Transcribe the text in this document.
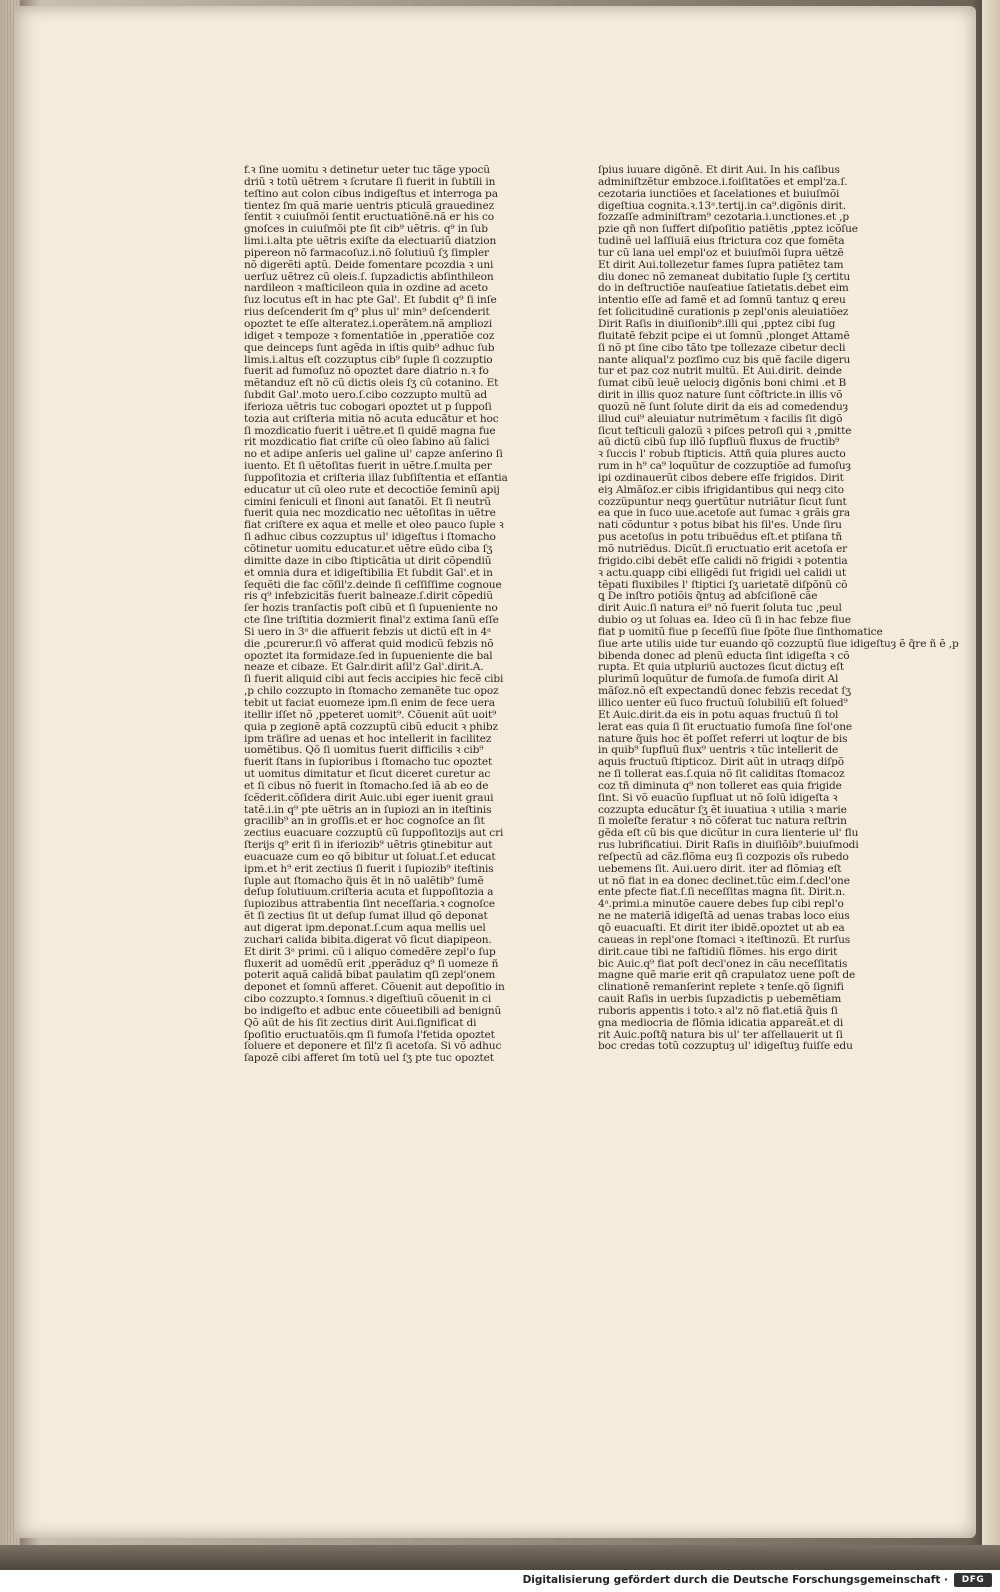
f.ꝛ ſine uomitu ꝛ detinetur ueter tuc tãge ypocũ
driũ ꝛ totũ uẽtrem ꝛ ſcrutare ſi fuerit in ſubtili in
teſtino aut colon cibus indigeſtus et interroga pa
tientez ſm quã marie uentris pticulã grauedinez
ſentit ꝛ cuiuſmõi ſentit eructuatiõnẽ.nã er his co
gnoſces in cuiuſmõi pte ſit cib⁹ uẽtris. q⁹ in ſub
limi.i.alta pte uẽtris exiſte da electuariũ diatzion
pipereon nõ farmacoſuz.i.nõ ſolutiuũ ſʒ ſimpler
nõ digerẽti aptũ. Deide fomentare pcozdia ꝛ uni
uerſuz uẽtrez cũ oleis.ſ. ſupzadictis abſinthileon
nardileon ꝛ maſticileon quia in ozdine ad aceto
ſuz locutus eſt in hac pte Gal'. Et ſubdit q⁹ ſi inſe
rius deſcenderit ſm q⁹ plus ul' min⁹ deſcenderit
opoztet te eſſe alteratez.i.operãtem.nã ampliozi
idiget ꝛ tempoze ꝛ fomentatiõe in ,pperatiõe coz
que deinceps ſunt agẽda in iſtis quib⁹ adhuc ſub
limis.i.altus eſt cozzuptus cib⁹ ſuple ſi cozzuptio
fuerit ad fumoſuz nõ opoztet dare diatrio n.ꝛ fo
mẽtanduz eſt nõ cũ dictis oleis ſʒ cũ cotanino. Et
ſubdit Gal'.moto uero.ſ.cibo cozzupto multũ ad
iferioza uẽtris tuc cobogari opoztet ut p ſuppoſi
tozia aut criſteria mitia nõ acuta educãtur et hoc
ſi mozdicatio fuerit i uẽtre.et ſi quidẽ magna fue
rit mozdicatio fiat criſte cũ oleo ſabino aũ ſalici
no et adipe anſeris uel galine ul' capze anſerino ſi
iuento. Et ſi uẽtoſitas fuerit in uẽtre.ſ.multa per
ſuppoſitozia et criſteria illaz ſubſiſtentia et eſſantia
educatur ut cũ oleo rute et decoctiõe ſeminũ apij
cimini feniculi et ſinoni aut ſanatõi. Et ſi neutrũ
fuerit quia nec mozdicatio nec uẽtoſitas in uẽtre
fiat criſtere ex aqua et melle et oleo pauco ſuple ꝛ
ſi adhuc cibus cozzuptus ul' idigeſtus i ſtomacho
cõtinetur uomitu educatur.et uẽtre eũdo ciba ſʒ
dimitte daze in cibo ſtipticãtia ut dirit cõpendiũ
et omnia dura et idigeſtibilia Et ſubdit Gal'.et in
ſequẽti die fac cõſil'z.deinde ſi ceſſiſſime cognoue
ris q⁹ infebzicitãs fuerit balneaze.ſ.dirit cõpediũ
ſer hozis tranſactis poſt cibũ et ſi ſupueniente no
cte ſine triſtitia dozmierit final'z extima ſanũ eſſe
Si uero in 3ᵃ die affuerit febzis ut dictũ eſt in 4ᵃ
die ,pcurerur.ſi võ afferat quid modicũ febzis nõ
opoztet ita formidaze.ſed in ſupueniente die bal
neaze et cibaze. Et Galr.dirit aſil'z Gal'.dirit.A.
ſi fuerit aliquid cibi aut fecis accipies hic fecẽ cibi
,p chilo cozzupto in ſtomacho zemanẽte tuc opoz
tebit ut faciat euomeze ipm.ſi enim de fece uera
itellir iſſet nõ ,ppeteret uomit⁹. Cõuenit aũt uoit⁹
quia p zegionẽ aptã cozzuptũ cibũ educit ꝛ phibz
ipm träſire ad uenas et hoc intellerit in facilitez
uomẽtibus. Qõ ſi uomitus fuerit difficilis ꝛ cib⁹
fuerit ſtans in ſupioribus i ſtomacho tuc opoztet
ut uomitus dimitatur et ſicut diceret curetur ac
et ſi cibus nõ fuerit in ſtomacho.ſed iã ab eo de
ſcẽderit.cõſidera dirit Auic.ubi eger iuenit graui
tatẽ.i.in q⁹ pte uẽtris an in ſupiozi an in iteſtinis
gracilib⁹ an in groſſis.et er hoc cognoſce an ſit
zectius euacuare cozzuptũ cũ ſuppoſitozijs aut cri
ſterijs q⁹ erit ſi in iferiozib⁹ uẽtris ꝯtinebitur aut
euacuaze cum eo qõ bibitur ut ſoluat.ſ.et educat
ipm.et h⁹ erit zectius ſi fuerit i ſupiozib⁹ iteſtinis
ſuple aut ſtomacho q̃uis ẽt in nõ ualẽtib⁹ ſumẽ
deſup ſolutiuum.criſteria acuta et ſuppoſitozia a
ſupiozibus attrabentia ſint neceſſaria.ꝛ cognoſce
ẽt ſi zectius ſit ut deſup ſumat illud qõ deponat
aut digerat ipm.deponat.ſ.cum aqua mellis uel
zuchari calida bibita.digerat võ ſicut diapipeon.
Et dirit 3ᵃ primi. cũ i aliquo comedẽre zepl'o ſup
fluxerit ad uomẽdũ erit ,pperãduz q⁹ ſi uomeze ñ
poterit aquã calidã bibat paulatim qſi zepl'onem
deponet et ſomnũ afferet. Cõuenit aut depoſitio in
cibo cozzupto.ꝛ ſomnus.ꝛ digeſtiuũ cõuenit in ci
bo indigeſto et adbuc ente cõueetibili ad benignũ
Qõ aũt de his ſit zectius dirit Aui.ſignificat di
ſpoſitio eructuatõis.qm ſi fumoſa l'fetida opoztet
ſoluere et deponere et ſil'z ſi acetoſa. Si võ adhuc
ſapozẽ cibi afferet ſm totũ uel ſʒ pte tuc opoztet
ſpius iuuare digõnẽ. Et dirit Aui. In his caſibus
adminiſtzẽtur embzoce.i.foiſitatões et empl'za.ſ.
cezotaria iunctiões et ſacelationes et buiuſmõi
digeſtiua cognita.ꝛ.13ᵃ.tertij.in ca⁹.digõnis dirit.
fozzaſſe adminiſtram⁹ cezotaria.i.unctiones.et ,p
pzie qñ non ſuffert diſpoſitio patiẽtis ,pptez icõſue
tudinẽ uel laſſiuiã eius ſtrictura coz que fomẽta
tur cũ lana uel empl'oz et buiuſmõi ſupra uẽtzẽ
Et dirit Aui.tollezetur fames ſupra patiẽtez tam
diu donec nõ zemaneat dubitatio ſuple ſʒ certitu
do in deſtructiõe nauſeatiue ſatietatis.debet eim
intentio eſſe ad famẽ et ad ſomnũ tantuz ꝗ ereu
ſet ſolicitudinẽ curationis p zepl'onis aleuiatiõez
Dirit Raſis in diuiſionib⁹.illi qui ,pptez cibi ſug
fluitatẽ febzit pcipe ei ut ſomnũ ,plonget Attamẽ
ſi nõ pt ſine cibo tãto tpe tollezaze cibetur decli
nante aliqual'z pozſimo cuz bis quẽ facile digeru
tur et paz coz nutrit multũ. Et Aui.dirit. deinde
ſumat cibũ leuẽ uelociȝ digõnis boni chimi .et B
dirit in illis quoz nature ſunt cõſtricte.in illis võ
quozũ nẽ ſunt ſolute dirit da eis ad comedenduȝ
illud cui⁹ aleuiatur nutrimẽtum ꝛ facilis ſit digõ
ſicut teſticuli galozũ ꝛ piſces petroſi qui ꝛ ,pmitte
aũ dictũ cibũ ſup illõ ſupfluũ fluxus de fructib⁹
ꝛ ſuccis l' robub ſtipticis. Attñ quia plures aucto
rum in h⁹ ca⁹ loquũtur de cozzuptiõe ad fumoſuȝ
ipi ozdinauerũt cibos debere eſſe frigidos. Dirit
eiȝ Almãſoz.er cibis ifrigidantibus qui neqȝ cito
cozzũpuntur neqȝ ꝯuertũtur nutriãtur ſicut ſunt
ea que in ſuco uue.acetoſe aut ſumac ꝛ grãis gra
nati cõduntur ꝛ potus bibat his ſil'es. Unde ſiru
pus acetoſus in potu tribuẽdus eſt.et ptiſana tñ
mõ nutriẽdus. Dicũt.ſi eructuatio erit acetoſa er
frigido.cibi debẽt eſſe calidi nõ frigidi ꝛ potentia
ꝛ actu.quapp cibi elligẽdi ſut frigidi uel calidi ut
tẽpati fluxibiles l' ſtiptici ſʒ uarietatẽ diſpõnũ cõ
ꝗ De inſtro potiõis q̃ntuȝ ad abſciſionẽ cãe
dirit Auic.ſi natura ei⁹ nõ fuerit ſoluta tuc ,peul
dubio oȝ ut ſoluas ea. Ideo cũ ſi in hac febze fiue
fiat p uomitũ fiue p ſeceſſũ ſiue ſpõte ſiue ſinthomatice
ſiue arte utilis uide tur euando qõ cozzuptũ ſiue idigeſtuȝ ẽ q̃re ñ ẽ ,p
bibenda donec ad plenũ educta ſint idigeſta ꝛ cõ
rupta. Et quia utpluriũ auctozes ſicut dictuȝ eſt
plurimũ loquũtur de fumoſa.de fumoſa dirit Al
mãſoz.nõ eſt expectandũ donec febzis recedat ſʒ
illico uenter eũ ſuco fructuũ ſolubiliũ eſt ſolued⁹
Et Auic.dirit.da eis in potu aquas fructuũ ſi tol
lerat eas quia ſi ſit eructuatio fumoſa ſine ſol'one
nature q̃uis hoc ẽt poſſet referri ut loqtur de bis
in quib⁹ ſupfluũ flux⁹ uentris ꝛ tũc intellerit de
aquis fructuũ ſtipticoz. Dirit aũt in utraqȝ diſpõ
ne ſi tollerat eas.ſ.quia nõ ſit caliditas ſtomacoz
coz tñ diminuta q⁹ non tolleret eas quia frigide
ſint. Si võ euacũo ſupfluat ut nõ ſolũ idigeſta ꝛ
cozzupta educãtur ſʒ ẽt iuuatiua ꝛ utilia ꝛ marie
ſi moleſte feratur ꝛ nõ cõferat tuc natura reſtrin
gẽda eſt cũ bis que dicũtur in cura lienterie ul' flu
rus lubrificatiui. Dirit Raſis in diuiſiõib⁹.buiuſmodi
reſpectũ ad cãz.flõma euȝ ſi cozpozis oĩs rubedo
uebemens ſit. Aui.uero dirit. iter ad flõmiaȝ eſt
ut nõ fiat in ea donec declinet.tũc eim.ſ.decl'one
ente pfecte fiat.ſ.ſi neceſſitas magna ſit. Dirit.n.
4ᵃ.primi.a minutõe cauere debes ſup cibi repl'o
ne ne materiã idigeſtã ad uenas trabas loco eius
qõ euacuaſti. Et dirit iter ibidẽ.opoztet ut ab ea
caueas in repl'one ſtomaci ꝛ iteſtinozũ. Et rurſus
dirit.caue tibi ne faſtidiũ flõmes. his ergo dirit
bic Auic.q⁹ fiat poſt decl'onez in cãu neceſſitatis
magne quẽ marie erit qñ crapulatoz uene poſt de
clinationẽ remanſerint replete ꝛ tenſe.qõ ſignifi
cauit Raſis in uerbis ſupzadictis p uebemẽtiam
ruboris appentis i toto.ꝛ al'z nõ fiat.etiã q̃uis ſi
gna mediocria de flõmia idicatia appareãt.et di
rit Auic.poſtq̃ natura bis ul' ter aſſellauerit ut ſi
boc credas totũ cozzuptuȝ ul' idigeſtuȝ fuiſſe edu
Digitalisierung gefördert durch die Deutsche Forschungsgemeinschaft ·	DFG
